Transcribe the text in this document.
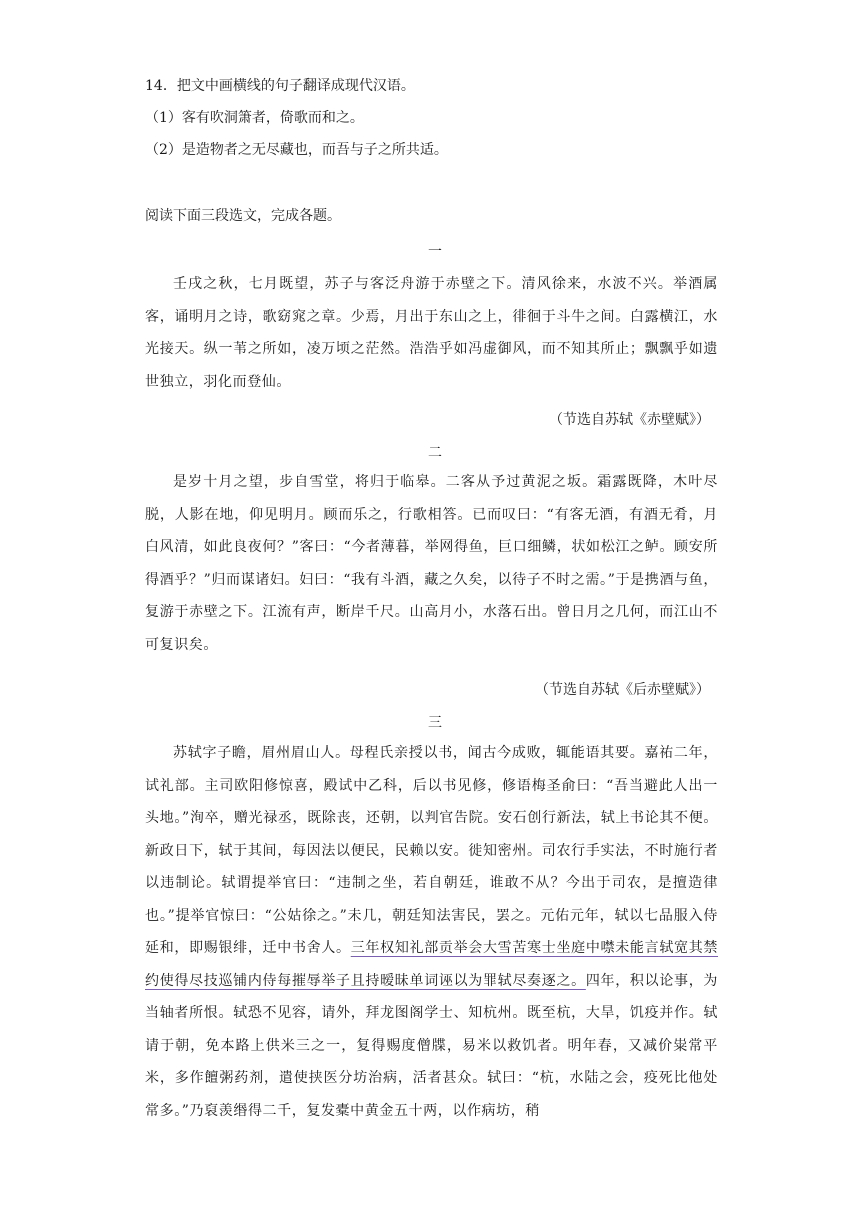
14．把文中画横线的句子翻译成现代汉语。
（1）客有吹洞箫者，倚歌而和之。
（2）是造物者之无尽藏也，而吾与子之所共适。
阅读下面三段选文，完成各题。
一

壬戌之秋，七月既望，苏子与客泛舟游于赤壁之下。清风徐来，水波不兴。举酒属客，诵明月之诗，歌窈窕之章。少焉，月出于东山之上，徘徊于斗牛之间。白露横江，水光接天。纵一苇之所如，凌万顷之茫然。浩浩乎如冯虚御风，而不知其所止；飘飘乎如遗世独立，羽化而登仙。

（节选自苏轼《赤壁赋》）
二

是岁十月之望，步自雪堂，将归于临皋。二客从予过黄泥之坂。霜露既降，木叶尽脱，人影在地，仰见明月。顾而乐之，行歌相答。已而叹曰：“有客无酒，有酒无肴，月白风清，如此良夜何？”客曰：“今者薄暮，举网得鱼，巨口细鳞，状如松江之鲈。顾安所得酒乎？”归而谋诸妇。妇曰：“我有斗酒，藏之久矣，以待子不时之需。”于是携酒与鱼，复游于赤壁之下。江流有声，断岸千尺。山高月小，水落石出。曾日月之几何，而江山不可复识矣。

（节选自苏轼《后赤壁赋》）
三

苏轼字子瞻，眉州眉山人。母程氏亲授以书，闻古今成败，辄能语其要。嘉祐二年，试礼部。主司欧阳修惊喜，殿试中乙科，后以书见修，修语梅圣俞曰：“吾当避此人出一头地。”洵卒，赠光禄丞，既除丧，还朝，以判官告院。安石创行新法，轼上书论其不便。新政日下，轼于其间，每因法以便民，民赖以安。徙知密州。司农行手实法，不时施行者以违制论。轼谓提举官曰：“违制之坐，若自朝廷，谁敢不从？今出于司农，是擅造律也。”提举官惊曰：“公姑徐之。”未几，朝廷知法害民，罢之。元佑元年，轼以七品服入侍延和，即赐银绯，迁中书舍人。三年权知礼部贡举会大雪苦寒士坐庭中噤未能言轼宽其禁约使得尽技巡铺内侍每摧辱举子且持暧昧单词诬以为罪轼尽奏逐之。四年，积以论事，为当轴者所恨。轼恐不见容，请外，拜龙图阁学士、知杭州。既至杭，大旱，饥疫并作。轼请于朝，免本路上供米三之一，复得赐度僧牒，易米以救饥者。明年春，又减价粜常平米，多作饘粥药剂，遣使挟医分坊治病，活者甚众。轼曰：“杭，水陆之会，疫死比他处常多。”乃裒羡缗得二千，复发橐中黄金五十两，以作病坊，稍
